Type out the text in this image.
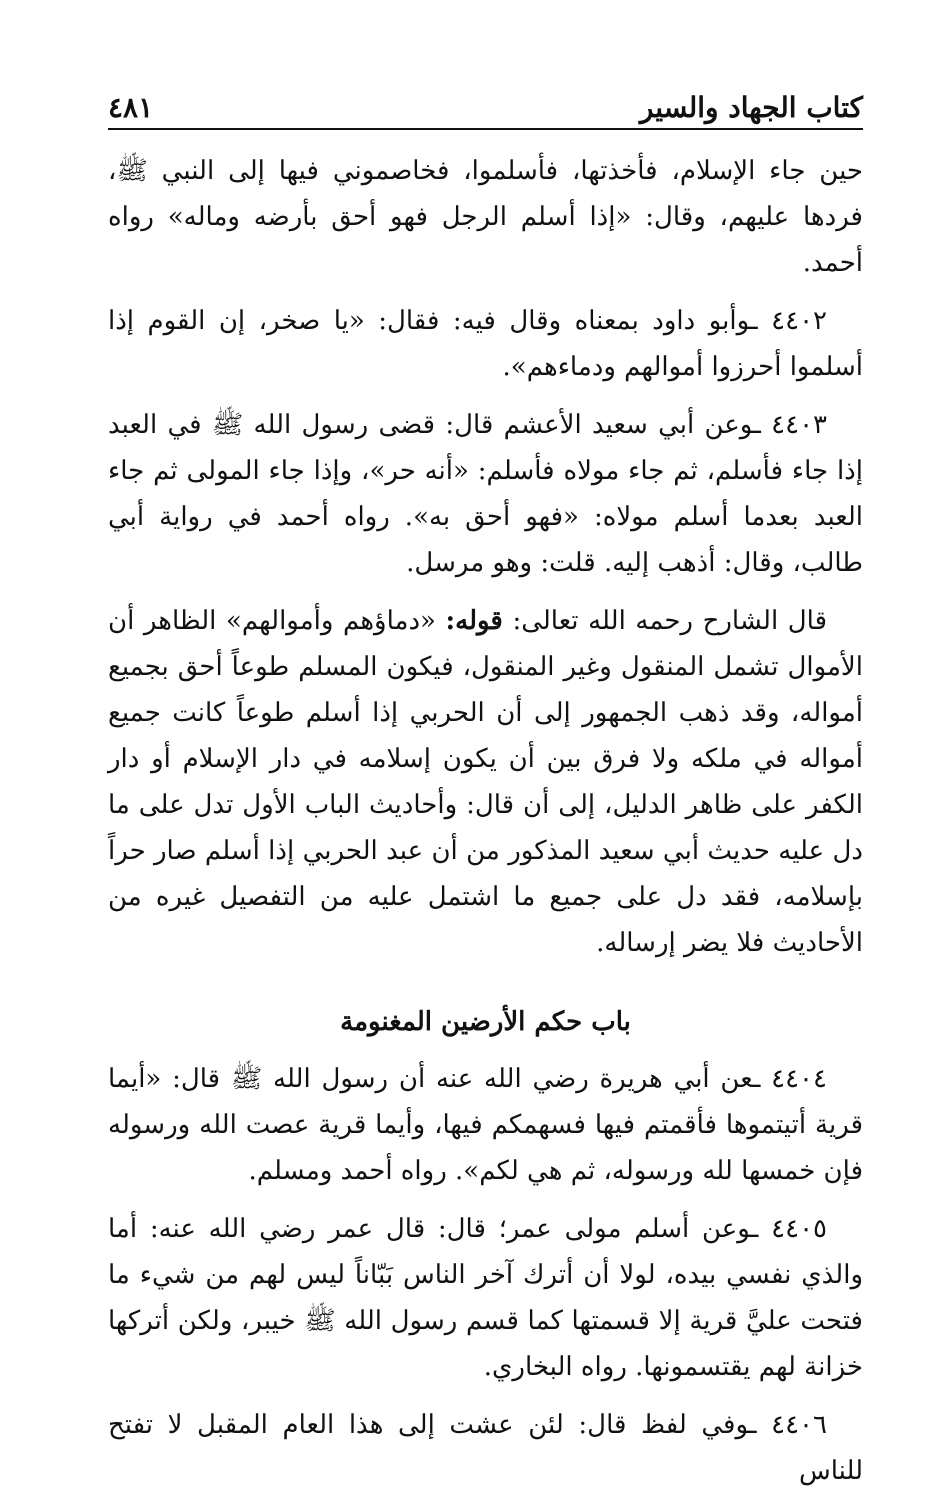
كتاب الجهاد والسير
٤٨١

حين جاء الإسلام، فأخذتها، فأسلموا، فخاصموني فيها إلى النبي ﷺ، فردها عليهم، وقال: «إذا أسلم الرجل فهو أحق بأرضه وماله» رواه أحمد.

٤٤٠٢ ـوأبو داود بمعناه وقال فيه: فقال: «يا صخر، إن القوم إذا أسلموا أحرزوا أموالهم ودماءهم».

٤٤٠٣ ـوعن أبي سعيد الأعشم قال: قضى رسول الله ﷺ في العبد إذا جاء فأسلم، ثم جاء مولاه فأسلم: «أنه حر»، وإذا جاء المولى ثم جاء العبد بعدما أسلم مولاه: «فهو أحق به». رواه أحمد في رواية أبي طالب، وقال: أذهب إليه. قلت: وهو مرسل.

قال الشارح رحمه الله تعالى: قوله: «دماؤهم وأموالهم» الظاهر أن الأموال تشمل المنقول وغير المنقول، فيكون المسلم طوعاً أحق بجميع أمواله، وقد ذهب الجمهور إلى أن الحربي إذا أسلم طوعاً كانت جميع أمواله في ملكه ولا فرق بين أن يكون إسلامه في دار الإسلام أو دار الكفر على ظاهر الدليل، إلى أن قال: وأحاديث الباب الأول تدل على ما دل عليه حديث أبي سعيد المذكور من أن عبد الحربي إذا أسلم صار حراً بإسلامه، فقد دل على جميع ما اشتمل عليه من التفصيل غيره من الأحاديث فلا يضر إرساله.

باب حكم الأرضين المغنومة

٤٤٠٤ ـعن أبي هريرة رضي الله عنه أن رسول الله ﷺ قال: «أيما قرية أتيتموها فأقمتم فيها فسهمكم فيها، وأيما قرية عصت الله ورسوله فإن خمسها لله ورسوله، ثم هي لكم». رواه أحمد ومسلم.

٤٤٠٥ ـوعن أسلم مولى عمر؛ قال: قال عمر رضي الله عنه: أما والذي نفسي بيده، لولا أن أترك آخر الناس بَبّاناً ليس لهم من شيء ما فتحت عليَّ قرية إلا قسمتها كما قسم رسول الله ﷺ خيبر، ولكن أتركها خزانة لهم يقتسمونها. رواه البخاري.

٤٤٠٦ ـوفي لفظ قال: لئن عشت إلى هذا العام المقبل لا تفتح للناس
